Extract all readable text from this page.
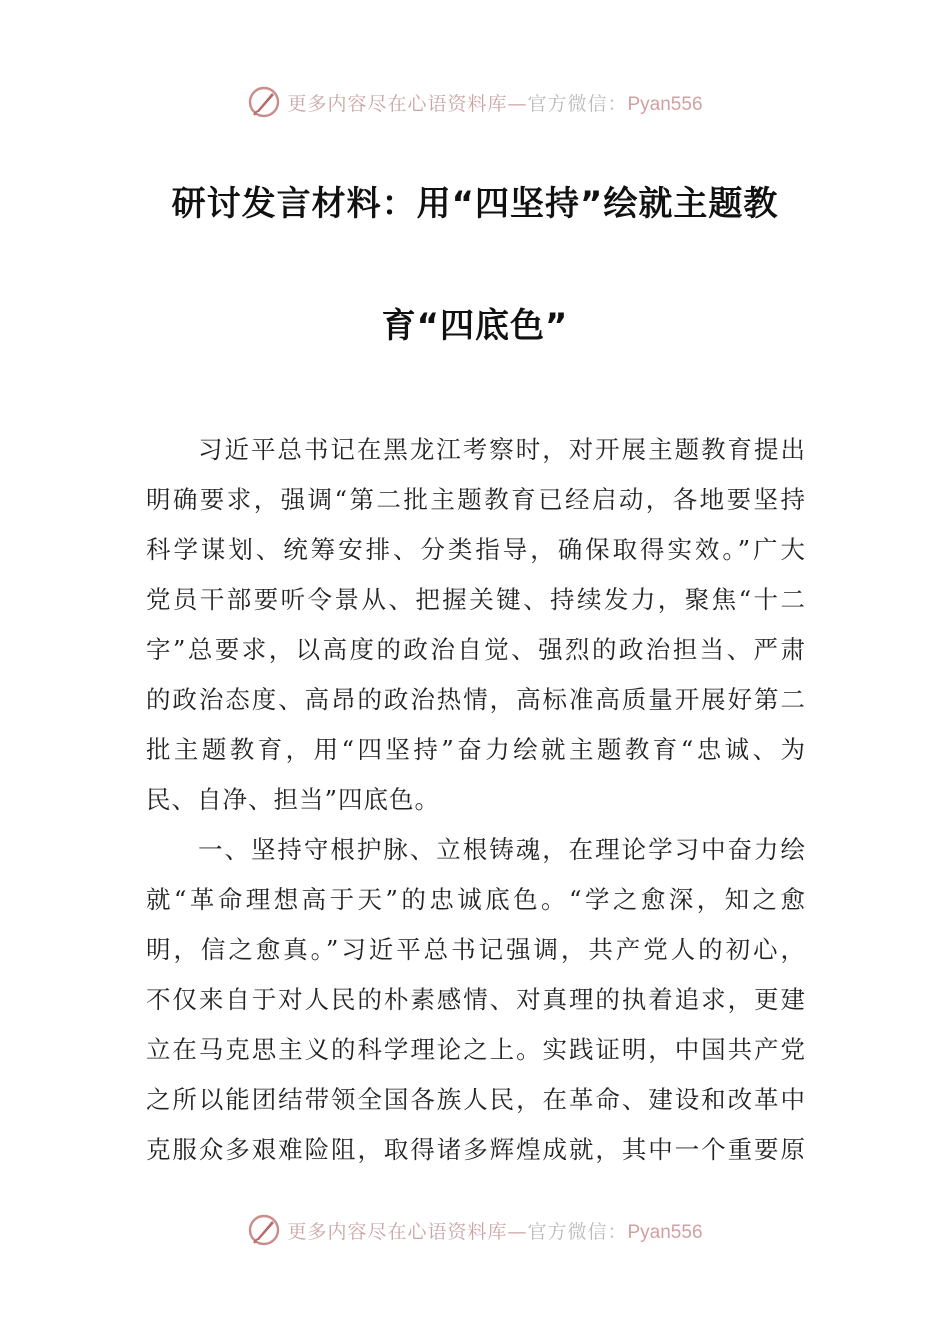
更多内容尽在心语资料库—官方微信：Pyan556
研讨发言材料：用“四坚持”绘就主题教
育“四底色”
习近平总书记在黑龙江考察时，对开展主题教育提出
明确要求，强调“第二批主题教育已经启动，各地要坚持
科学谋划、统筹安排、分类指导，确保取得实效。”广大
党员干部要听令景从、把握关键、持续发力，聚焦“十二
字”总要求，以高度的政治自觉、强烈的政治担当、严肃
的政治态度、高昂的政治热情，高标准高质量开展好第二
批主题教育，用“四坚持”奋力绘就主题教育“忠诚、为
民、自净、担当”四底色。
一、坚持守根护脉、立根铸魂，在理论学习中奋力绘
就“革命理想高于天”的忠诚底色。“学之愈深，知之愈
明，信之愈真。”习近平总书记强调，共产党人的初心，
不仅来自于对人民的朴素感情、对真理的执着追求，更建
立在马克思主义的科学理论之上。实践证明，中国共产党
之所以能团结带领全国各族人民，在革命、建设和改革中
克服众多艰难险阻，取得诸多辉煌成就，其中一个重要原
更多内容尽在心语资料库—官方微信：Pyan556
